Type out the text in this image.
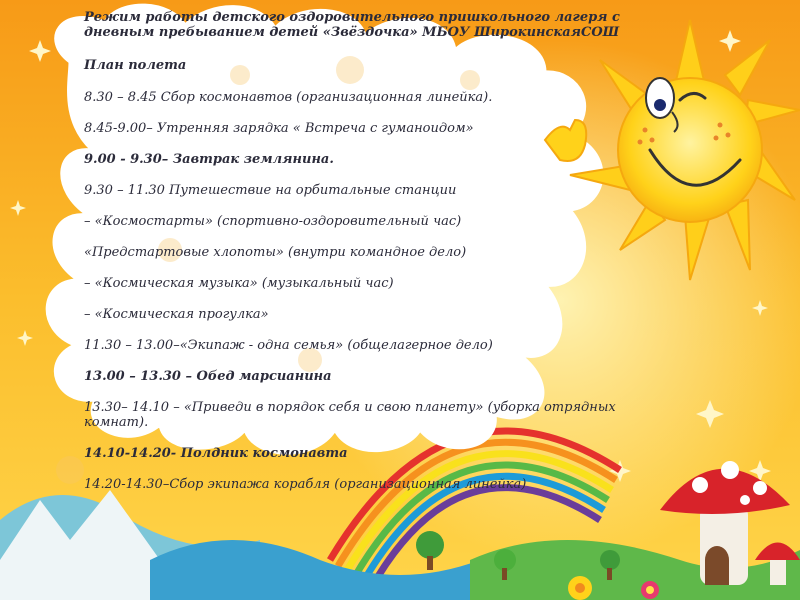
Режим работы детского оздоровительного пришкольного лагеря с дневным пребыванием детей «Звёздочка» МБОУ ШирокинскаяСОШ
План полета

8.30 – 8.45 Сбор космонавтов (организационная линейка).

8.45-9.00– Утренняя зарядка « Встреча с гуманоидом»

9.00 - 9.30– Завтрак землянина.

9.30 – 11.30 Путешествие на орбитальные станции

– «Космостарты» (спортивно-оздоровительный час)

«Предстартовые хлопоты» (внутри командное дело)

– «Космическая музыка» (музыкальный час)

– «Космическая прогулка»

11.30 – 13.00–«Экипаж - одна семья» (общелагерное дело)

13.00 – 13.30 – Обед марсианина

13.30– 14.10 – «Приведи в порядок себя и свою планету» (уборка отрядных комнат).

14.10-14.20- Полдник космонавта

14.20-14.30–Сбор экипажа корабля (организационная линейка)
